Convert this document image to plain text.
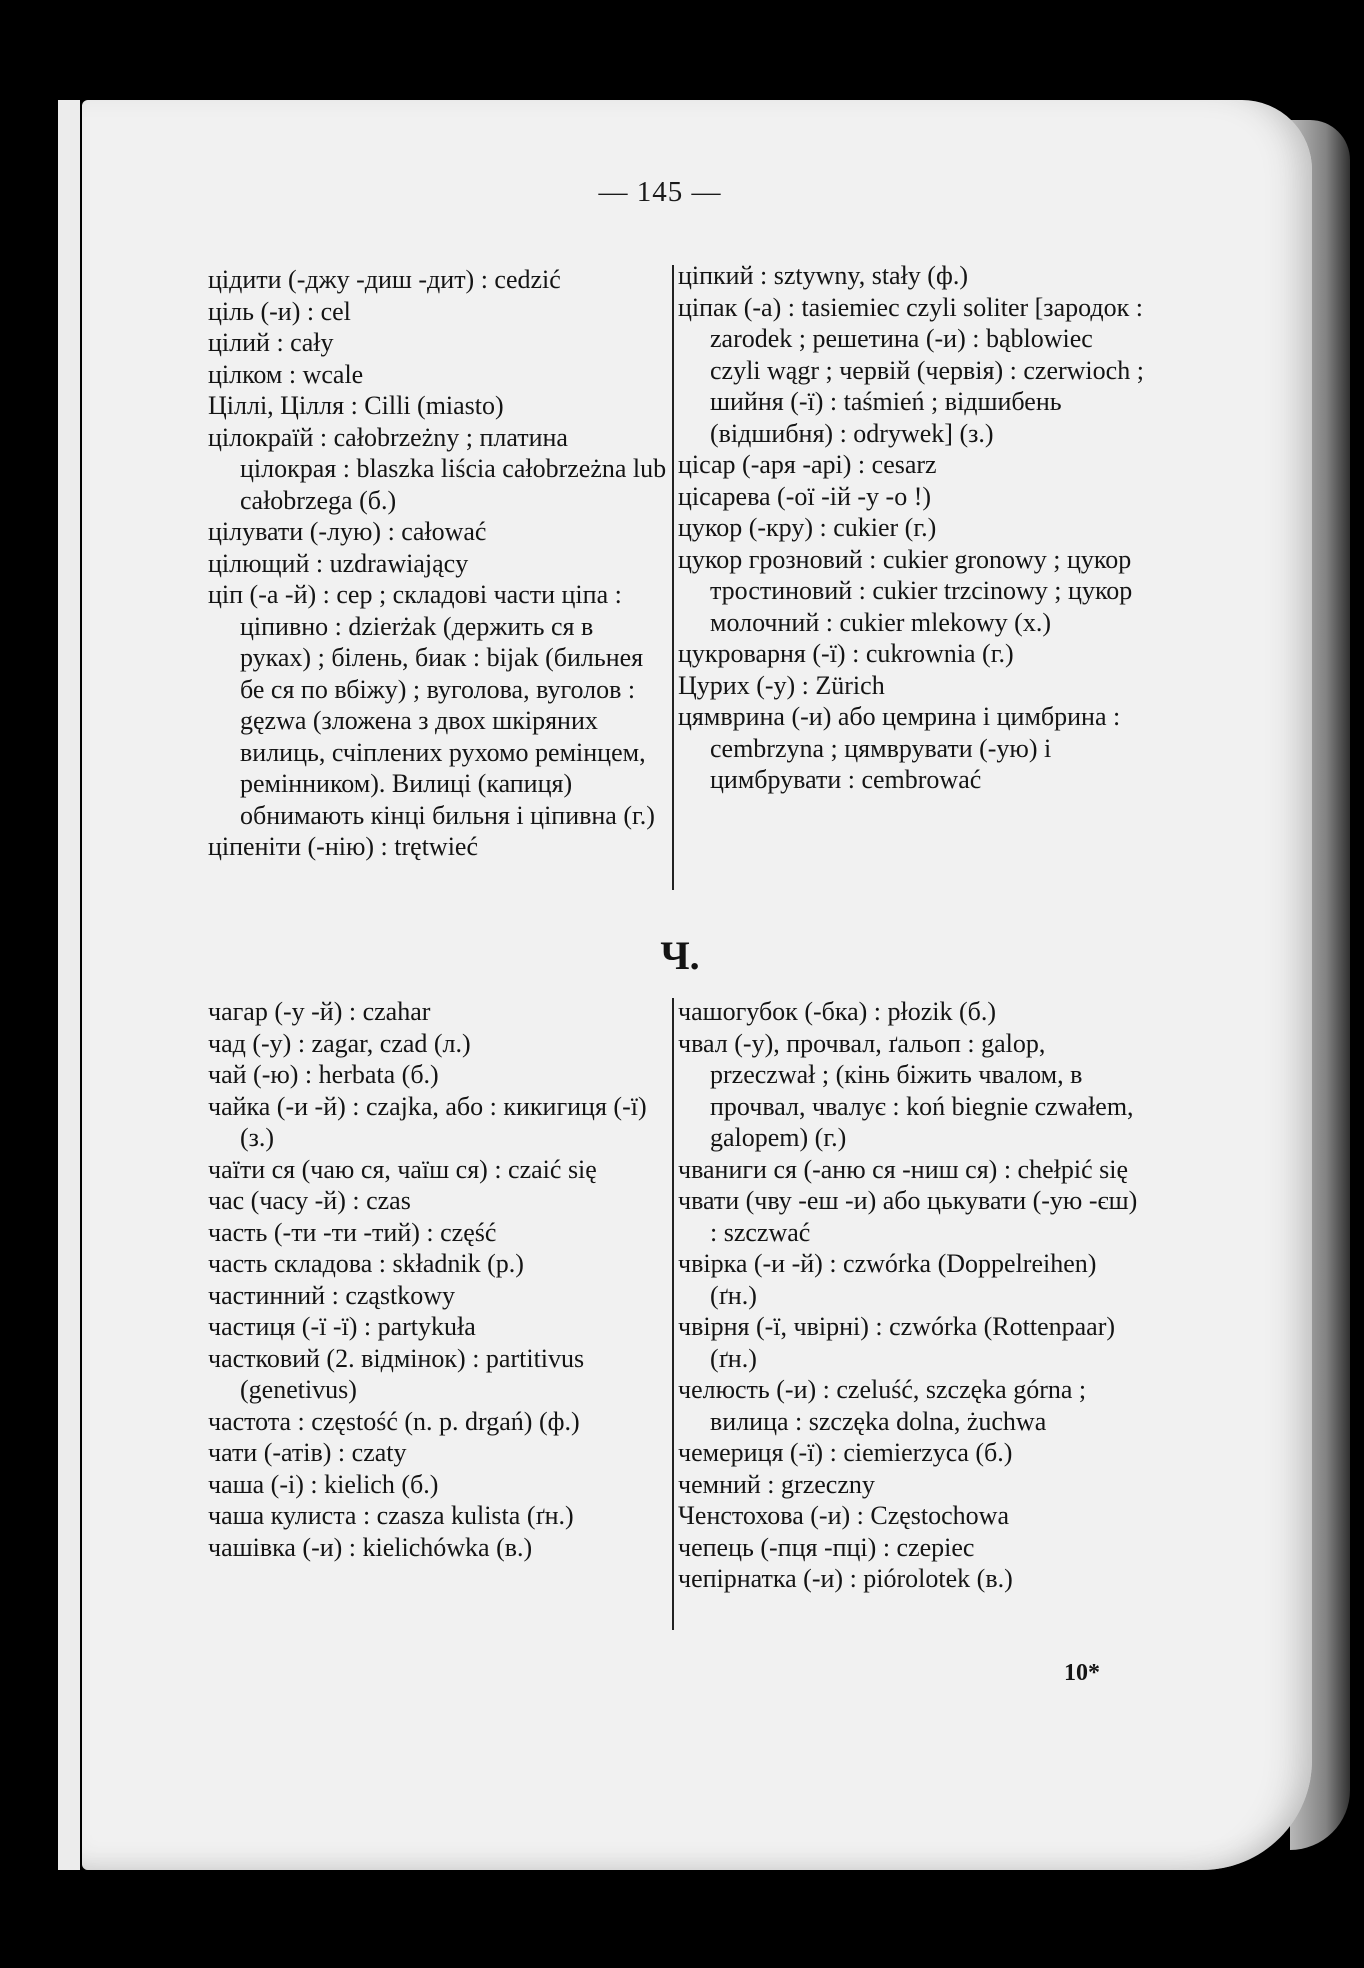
— 145 —

цідити (-джу -диш -дит) : cedzić

ціль (-и) : cel

цілий : cały

цілком : wcale

Ціллі, Цілля : Cilli (miasto)

цілокраїй : całobrzeżny ; платина цілокрая : blaszka liścia całobrzeżna lub całobrzega (б.)

цілувати (-лую) : całować

цілющий : uzdrawiający

ціп (-а -й) : cep ; складові части ціпа : ціпивно : dzierżak (держить ся в руках) ; білень, биак : bijak (бильнея бе ся по вбіжу) ; вуголова, вуголов : gęzwa (зложена з двох шкіряних вилиць, счіплених рухомо ремінцем, ремінником). Вилиці (капиця) обнимають кінці бильня і ціпивна (г.)

ціпеніти (-нію) : trętwieć

ціпкий : sztywny, stały (ф.)

ціпак (-а) : tasiemiec czyli soliter [зародок : zarodek ; решетина (-и) : bąblowiec czyli wągr ; червій (червія) : czerwioch ; шийня (-ї) : taśmień ; відшибень (відшибня) : odrywek] (з.)

цісар (-аря -арі) : cesarz

цісарева (-ої -ій -у -о !)

цукор (-кру) : cukier (г.)

цукор грозновий : cukier gronowy ; цукор тростиновий : cukier trzcinowy ; цукор молочний : cukier mlekowy (х.)

цукроварня (-ї) : cukrownia (г.)

Цурих (-у) : Zürich

цямврина (-и) або цемрина і цимбрина : cembrzyna ; цямврувати (-ую) і цимбрувати : cembrować

Ч.

чагар (-у -й) : czahar

чад (-у) : zagar, czad (л.)

чай (-ю) : herbata (б.)

чайка (-и -й) : czajka, або : кикигиця (-ї) (з.)

чаїти ся (чаю ся, чаїш ся) : czaić się

час (часу -й) : czas

часть (-ти -ти -тий) : część

часть складова : składnik (р.)

частинний : cząstkowy

частиця (-ї -ї) : partykuła

частковий (2. відмінок) : partitivus (genetivus)

частота : częstość (n. p. drgań) (ф.)

чати (-атів) : czaty

чаша (-і) : kielich (б.)

чаша кулиста : czasza kulista (ґн.)

чашівка (-и) : kielichówka (в.)

чашогубок (-бка) : płozik (б.)

чвал (-у), прочвал, ґальоп : galop, przeczwał ; (кінь біжить чвалом, в прочвал, чвалує : koń biegnie czwałem, galopem) (г.)

чваниги ся (-аню ся -ниш ся) : chełpić się

чвати (чву -еш -и) або цькувати (-ую -єш) : szczwać

чвірка (-и -й) : czwórka (Doppelreihen) (ґн.)

чвірня (-ї, чвірні) : czwórka (Rottenpaar) (ґн.)

челюсть (-и) : czeluść, szczęka górna ; вилица : szczęka dolna, żuchwa

чемериця (-ї) : ciemierzyca (б.)

чемний : grzeczny

Ченстохова (-и) : Częstochowa

чепець (-пця -пці) : czepiec

чепірнатка (-и) : piórolotek (в.)

10*
